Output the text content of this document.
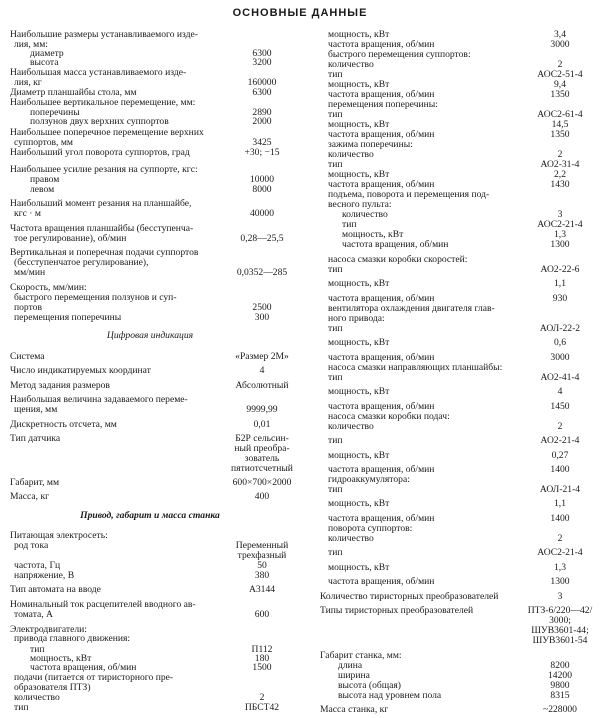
ОСНОВНЫЕ ДАННЫЕ
Наибольшие размеры устанавливаемого изде-
лия, мм:
диаметр	6300
высота	3200
Наибольшая масса устанавливаемого изде-
лия, кг	160000
Диаметр планшайбы стола, мм	6300
Наибольшее вертикальное перемещение, мм:
поперечины	2890
ползунов двух верхних суппортов	2000
Наибольшее поперечное перемещение верхних
суппортов, мм	3425
Наибольший угол поворота суппортов, град	+30; −15
Наибольшее усилие резания на суппорте, кгс:
правом	10000
левом	8000
Наибольший момент резания на планшайбе,
кгс · м	40000
Частота вращения планшайбы (бесступенча-
тое регулирование), об/мин	0,28—25,5
Вертикальная и поперечная подачи суппортов
(бесступенчатое регулирование),
мм/мин	0,0352—285
Скорость, мм/мин:
быстрого перемещения ползунов и суп-
портов	2500
перемещения поперечины	300
Система	«Размер 2М»
Число индикатируемых координат	4
Метод задания размеров	Абсолютный
Наибольшая величина задаваемого переме-
щения, мм	9999,99
Дискретность отсчета, мм	0,01
Тип датчика	Б2Р сельсин-
ный преобра-
зователь
пятиотсчетный
Габарит, мм	600×700×2000
Масса, кг	400
Питающая электросеть:
род тока	Переменный
трехфазный
частота, Гц	50
напряжение, В	380
Тип автомата на вводе	А3144
Номинальный ток расцепителей вводного ав-
томата, А	600
Электродвигатели:
привода главного движения:
тип	П112
мощность, кВт	180
частота вращения, об/мин	1500
подачи (питается от тиристорного пре-
образователя ПТЗ)
количество	2
тип	ПБСТ42
Цифровая индикация
Привод, габарит и масса станка
мощность, кВт	3,4
частота вращения, об/мин	3000
быстрого перемещения суппортов:
количество	2
тип	АОС2-51-4
мощность, кВт	9,4
частота вращения, об/мин	1350
перемещения поперечины:
тип	АОС2-61-4
мощность, кВт	14,5
частота вращения, об/мин	1350
зажима поперечины:
количество	2
тип	АО2-31-4
мощность, кВт	2,2
частота вращения, об/мин	1430
подъема, поворота и перемещения под-
весного пульта:
количество	3
тип	АОС2-21-4
мощность, кВт	1,3
частота вращения, об/мин	1300
насоса смазки коробки скоростей:
тип	АО2-22-6
мощность, кВт	1,1
частота вращения, об/мин	930
вентилятора охлаждения двигателя глав-
ного привода:
тип	АОЛ-22-2
мощность, кВт	0,6
частота вращения, об/мин	3000
насоса смазки направляющих планшайбы:
тип	АО2-41-4
мощность, кВт	4
частота вращения, об/мин	1450
насоса смазки коробки подач:
количество	2
тип	АО2-21-4
мощность, кВт	0,27
частота вращения, об/мин	1400
гидроаккумулятора:
тип	АОЛ-21-4
мощность, кВт	1,1
частота вращения, об/мин	1400
поворота суппортов:
количество	2
тип	АОС2-21-4
мощность, кВт	1,3
частота вращения, об/мин	1300
Количество тиристорных преобразователей	3
Типы тиристорных преобразователей	ПТЗ-6/220—42/
3000;
ШУВ3601-44;
ШУВ3601-54
Габарит станка, мм:
длина	8200
ширина	14200
высота (общая)	9800
высота над уровнем пола	8315
Масса станка, кг	~228000
